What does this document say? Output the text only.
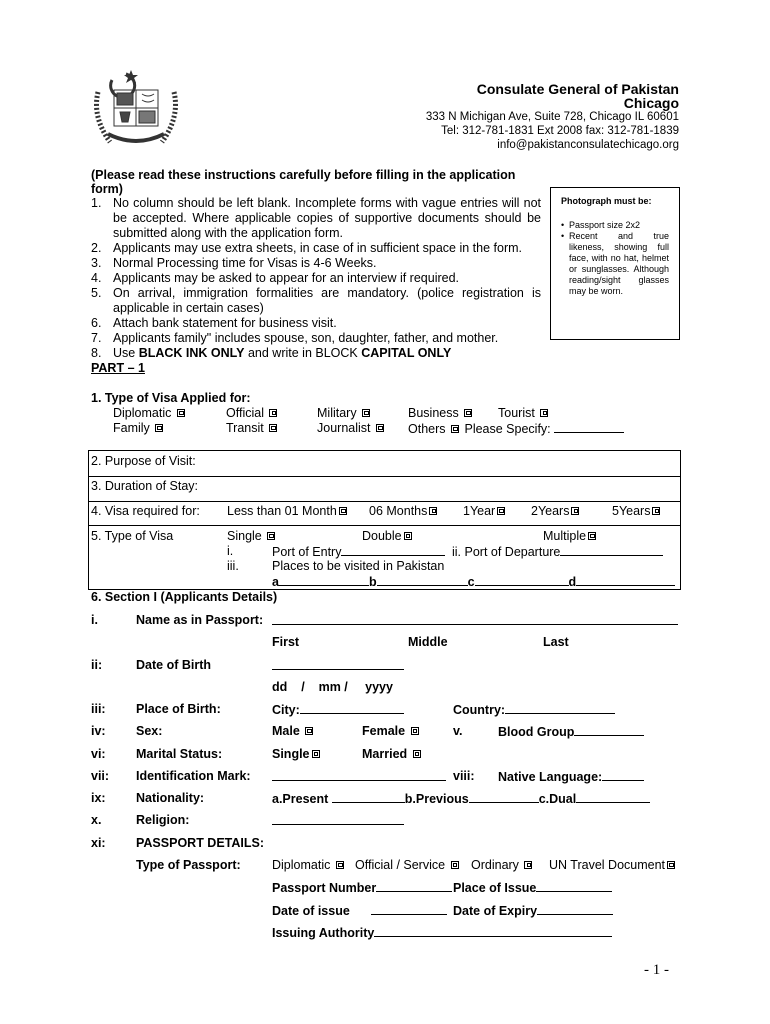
Consulate General of Pakistan Chicago
333 N Michigan Ave, Suite 728, Chicago IL 60601
Tel: 312-781-1831 Ext 2008 fax: 312-781-1839
info@pakistanconsulatechicago.org
(Please read these instructions carefully before filling in the application form)
1. No column should be left blank. Incomplete forms with vague entries will not be accepted. Where applicable copies of supportive documents should be submitted along with the application form.
2. Applicants may use extra sheets, in case of in sufficient space in the form.
3. Normal Processing time for Visas is 4-6 Weeks.
4. Applicants may be asked to appear for an interview if required.
5. On arrival, immigration formalities are mandatory. (police registration is applicable in certain cases)
6. Attach bank statement for business visit.
7. Applicants family" includes spouse, son, daughter, father, and mother.
8. Use BLACK INK ONLY and write in BLOCK CAPITAL ONLY
Photograph must be:
• Passport size 2x2
• Recent and true likeness, showing full face, with no hat, helmet or sunglasses. Although reading/sight glasses may be worn.
PART – 1
1. Type of Visa Applied for:
Diplomatic	Official	Military	Business	Tourist
Family	Transit	Journalist	Others Please Specify:
2. Purpose of Visit:
3. Duration of Stay:
4. Visa required for: Less than 01 Month	06 Months	1Year	2Years	5Years
5. Type of Visa	Single	Double	Multiple
i.	Port of Entry	ii. Port of Departure
iii.	Places to be visited in Pakistan
a	b	c	d
6. Section I (Applicants Details)
i.	Name as in Passport:
First	Middle	Last
ii:	Date of Birth
dd / mm / yyyy
iii: Place of Birth:	City:	Country:
iv: Sex:	Male	Female	v.	Blood Group
vi: Marital Status:	Single	Married
vii: Identification Mark:	viii: Native Language:
ix: Nationality:	a.Present	b.Previous	c.Dual
x.	Religion:
xi: PASSPORT DETAILS:
Type of Passport:	Diplomatic	Official / Service	Ordinary	UN Travel Document
Passport Number	Place of Issue
Date of issue	Date of Expiry
Issuing Authority
- 1 -
